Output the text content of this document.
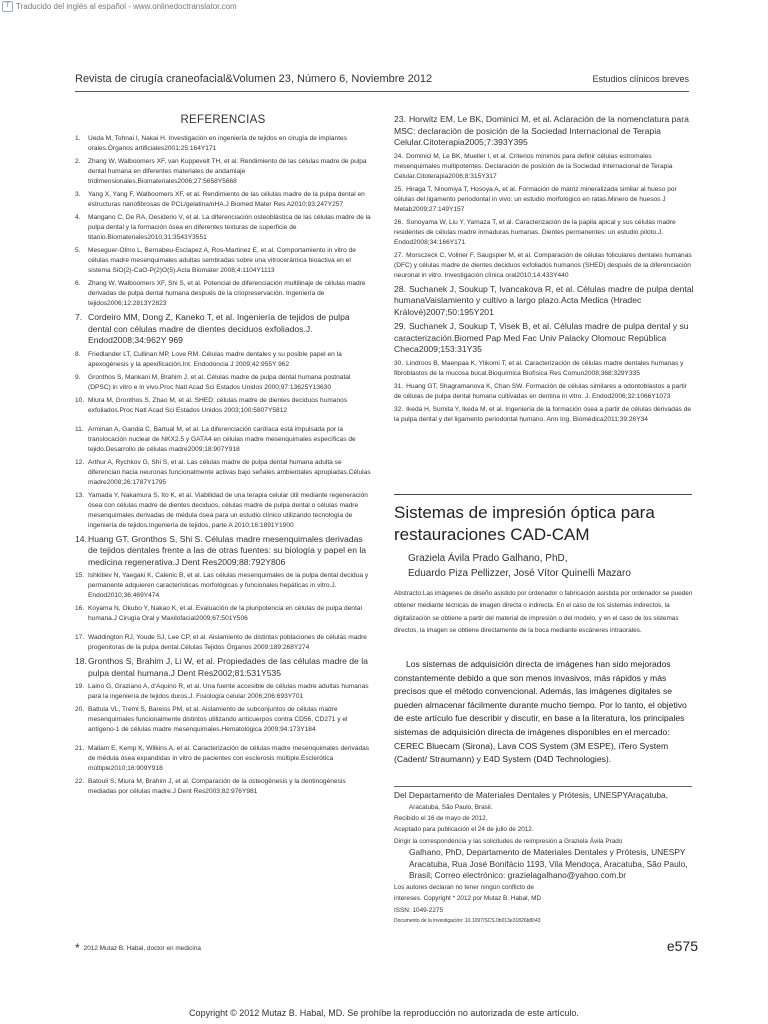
T Traducido del inglés al español - www.onlinedoctranslator.com
Revista de cirugía craneofacial&Volumen 23, Número 6, Noviembre 2012	Estudios clínicos breves
REFERENCIAS
1. Ueda M, Tohnai I, Nakai H. Investigación en ingeniería de tejidos en cirugía de implantes orales.Órganos artificiales2001;25:164Y171
2. Zhang W, Walboomers XF, van Kuppevelt TH, et al. Rendimiento de las células madre de pulpa dental humana en diferentes materiales de andamiaje tridimensionales.Biomateriales2006;27:5658Y5668
3. Yang X, Yang F, Walboomers XF, et al. Rendimiento de las células madre de la pulpa dental en estructuras nanofibrosas de PCL/gelatina/nHA.J Biomed Mater Res A2010;93:247Y257
4. Mangano C, De RA, Desiderio V, et al. La diferenciación osteoblástica de las células madre de la pulpa dental y la formación ósea en diferentes texturas de superficie de titanio.Biomateriales2010;31:3543Y3551
5. Meseguer-Olmo L, Bernabeu-Esclapez A, Ros-Martinez E, et al. Comportamiento in vitro de células madre mesenquimales adultas sembradas sobre una vitrocerámica bioactiva en el sistema SiO(2)-CaO-P(2)O(5).Acta Biomater 2008;4:1104Y1113
6. Zhang W, Walboomers XF, Shi S, et al. Potencial de diferenciación multilinaje de células madre derivadas de pulpa dental humana después de la criopreservación. Ingeniería de tejidos2006;12:2813Y2823
7. Cordeiro MM, Dong Z, Kaneko T, et al. Ingeniería de tejidos de pulpa dental con células madre de dientes deciduos exfoliados.J. Endod2008;34:962Y 969
8. Friedlander LT, Cullinan MP, Love RM. Células madre dentales y su posible papel en la apexogénesis y la apexificación.Int. Endodoncia J 2009;42:955Y 962
9. Gronthos S, Mankani M, Brahim J, et al. Células madre de pulpa dental humana postnatal (DPSC) in vitro e in vivo.Proc Natl Acad Sci Estados Unidos 2000;97:13625Y13630
10. Miura M, Gronthos S, Zhao M, et al. SHED: células madre de dientes deciduos humanos exfoliados.Proc Natl Acad Sci Estados Unidos 2003;100:5807Y5812
11. Arminan A, Gandia C, Bartual M, et al. La diferenciación cardíaca está impulsada por la translocación nuclear de NKX2.5 y GATA4 en células madre mesenquimales específicas de tejido.Desarrollo de células madre2009;18:907Y918
12. Arthur A, Rychkov G, Shi S, et al. Las células madre de pulpa dental humana adulta se diferencian hacia neuronas funcionalmente activas bajo señales ambientales apropiadas.Células madre2008;26:1787Y1795
13. Yamada Y, Nakamura S, Ito K, et al. Viabilidad de una terapia celular útil mediante regeneración ósea con células madre de dientes deciduos, células madre de pulpa dental o células madre mesenquimales derivadas de médula ósea para un estudio clínico utilizando tecnología de ingeniería de tejidos.Ingeniería de tejidos, parte A 2010;16:1891Y1900
14. Huang GT, Gronthos S, Shi S. Células madre mesenquimales derivadas de tejidos dentales frente a las de otras fuentes: su biología y papel en la medicina regenerativa.J Dent Res2009;88:792Y806
15. Ishkitiev N, Yaegaki K, Calenic B, et al. Las células mesenquimales de la pulpa dental decidua y permanente adquieren características morfológicas y funcionales hepáticas in vitro.J. Endod2010;36:469Y474
16. Koyama N, Okubo Y, Nakao K, et al. Evaluación de la pluripotencia en células de pulpa dental humana.J Cirugía Oral y Maxilofacial2009;67:501Y506
17. Waddington RJ, Youde SJ, Lee CP, et al. Aislamiento de distintas poblaciones de células madre progenitoras de la pulpa dental.Células Tejidos Órganos 2009;189:268Y274
18. Gronthos S, Brahim J, Li W, et al. Propiedades de las células madre de la pulpa dental humana.J Dent Res2002;81:531Y535
19. Laino G, Graziano A, d'Aquino R, et al. Una fuente accesible de células madre adultas humanas para la ingeniería de tejidos duros.J. Fisiología celular 2006;206:693Y701
20. Battula VL, Treml S, Bareiss PM, et al. Aislamiento de subconjuntos de células madre mesenquimales funcionalmente distintos utilizando anticuerpos contra CD56, CD271 y el antígeno-1 de células madre mesenquimales.Hematológica 2009;94:173Y184
21. Mallam E, Kemp K, Wilkins A, et al. Caracterización de células madre mesenquimales derivadas de médula ósea expandidas in vitro de pacientes con esclerosis múltiple.Esclerótica múltiple2010;16:909Y918
22. Batouli S, Miura M, Brahim J, et al. Comparación de la osteogénesis y la dentinogénesis mediadas por células madre.J Dent Res2003;82:976Y981
23. Horwitz EM, Le BK, Dominici M, et al. Aclaración de la nomenclatura para MSC: declaración de posición de la Sociedad Internacional de Terapia Celular.Citoterapia2005;7:393Y395
24. Dominici M, Le BK, Mueller I, et al. Criterios mínimos para definir células estromales mesenquimales multipotentes. Declaración de posición de la Sociedad Internacional de Terapia Celular.Citoterapia2006;8:315Y317
25. Hiraga T, Ninomiya T, Hosoya A, et al. Formación de matriz mineralizada similar al hueso por células del ligamento periodontal in vivo: un estudio morfológico en ratas.Minero de huesos J Metab2009;27:149Y157
26. Sonoyama W, Liu Y, Yamaza T, et al. Caracterización de la papila apical y sus células madre residentes de células madre inmaduras humanas. Dientes permanentes: un estudio piloto.J. Endod2008;34:166Y171
27. Morsczeck C, Vollner F, Saugspier M, et al. Comparación de células foliculares dentales humanas (DFC) y células madre de dientes deciduos exfoliados humanos (SHED) después de la diferenciación neuronal in vitro. Investigación clínica oral2010;14:433Y440
28. Suchanek J, Soukup T, Ivancakova R, et al. Células madre de pulpa dental humanaVaislamiento y cultivo a largo plazo.Acta Medica (Hradec Králové)2007;50:195Y201
29. Suchanek J, Soukup T, Visek B, et al. Células madre de pulpa dental y su caracterización.Biomed Pap Med Fac Univ Palacky Olomouc República Checa2009;153:31Y35
30. Lindroos B, Maenpaa K, Ylikomi T, et al. Caracterización de células madre dentales humanas y fibroblastos de la mucosa bucal.Bioquímica Biofísica Res Comun2008;368:329Y335
31. Huang GT, Shagramanova K, Chan SW. Formación de células similares a odontoblastos a partir de células de pulpa dental humana cultivadas en dentina in vitro. J. Endod2006;32:1066Y1073
32. Ikeda H, Sumita Y, Ikeda M, et al. Ingeniería de la formación ósea a partir de células derivadas de la pulpa dental y del ligamento periodontal humano. Ann Ing. Biomédica2011;39:26Y34
Sistemas de impresión óptica para restauraciones CAD-CAM
Graziela Ávila Prado Galhano, PhD,
Eduardo Piza Pellizzer, José Vítor Quinelli Mazaro
Abstracto:Las imágenes de diseño asistido por ordenador o fabricación asistida por ordenador se pueden obtener mediante técnicas de imagen directa o indirecta. En el caso de los sistemas indirectos, la digitalización se obtiene a partir del material de impresión o del modelo, y en el caso de los sistemas directos, la imagen se obtiene directamente de la boca mediante escáneres intraorales.
Los sistemas de adquisición directa de imágenes han sido mejorados constantemente debido a que son menos invasivos, más rápidos y más precisos que el método convencional. Además, las imágenes digitales se pueden almacenar fácilmente durante mucho tiempo. Por lo tanto, el objetivo de este artículo fue describir y discutir, en base a la literatura, los principales sistemas de adquisición directa de imágenes disponibles en el mercado: CEREC Bluecam (Sirona), Lava COS System (3M ESPE), iTero System (Cadent/ Straumann) y E4D System (D4D Technologies).
Del Departamento de Materiales Dentales y Prótesis, UNESPYAraçatuba,
Aracatuba, São Paulo, Brasil.
Recibido el 16 de mayo de 2012.
Aceptado para publicación el 24 de julio de 2012.
Dirigir la correspondencia y las solicitudes de reimpresión a Graziela Ávila Prado
Galhano, PhD, Departamento de Materiales Dentales y Prótesis, UNESPY Aracatuba, Rua José Bonifácio 1193, Vila Mendoça, Aracatuba, São Paulo, Brasil; Correo electrónico: grazielagalhano@yahoo.com.br
Los autores declaran no tener ningún conflicto de
intereses. Copyright * 2012 por Mutaz B. Habal, MD
ISSN: 1049-2275
Documento de la investigación: 10.1097/SCS.0b013e31826b8043
* 2012 Mutaz B. Habal, doctor en medicina	e575
Copyright © 2012 Mutaz B. Habal, MD. Se prohíbe la reproducción no autorizada de este artículo.
